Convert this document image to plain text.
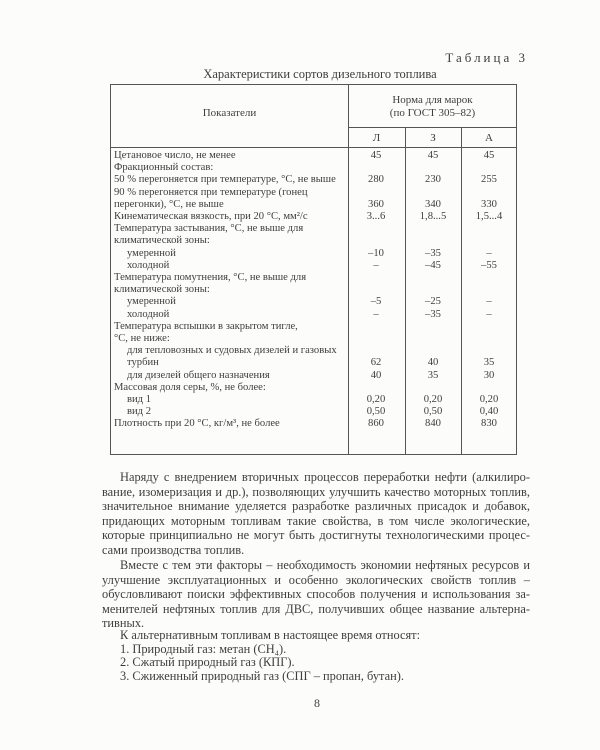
Таблица 3
Характеристики сортов дизельного топлива
Показатели
Норма для марок
(по ГОСТ 305–82)
Л	З	А
Цетановое число, не менее	45	45	45
Фракционный состав:
50 % перегоняется при температуре, °С, не выше	280	230	255
90 % перегоняется при температуре (гонец
перегонки), °С, не выше	360	340	330
Кинематическая вязкость, при 20 °С, мм²/с	3...6	1,8...5	1,5...4
Температура застывания, °С, не выше для
климатической зоны:
умеренной	–10	–35	–
холодной	–	–45	–55
Температура помутнения, °С, не выше для
климатической зоны:
умеренной	–5	–25	–
холодной	–	–35	–
Температура вспышки в закрытом тигле,
°С, не ниже:
для тепловозных и судовых дизелей и газовых
турбин	62	40	35
для дизелей общего назначения	40	35	30
Массовая доля серы, %, не более:
вид 1	0,20	0,20	0,20
вид 2	0,50	0,50	0,40
Плотность при 20 °С, кг/м³, не более	860	840	830
Наряду с внедрением вторичных процессов переработки нефти (алкилиро-
вание, изомеризация и др.), позволяющих улучшить качество моторных топлив,
значительное внимание уделяется разработке различных присадок и добавок,
придающих моторным топливам такие свойства, в том числе экологические,
которые принципиально не могут быть достигнуты технологическими процес-
сами производства топлив.
Вместе с тем эти факторы – необходимость экономии нефтяных ресурсов и
улучшение эксплуатационных и особенно экологических свойств топлив –
обусловливают поиски эффективных способов получения и использования за-
менителей нефтяных топлив для ДВС, получивших общее название альтерна-
тивных.
К альтернативным топливам в настоящее время относят:
1. Природный газ: метан (CH₄).
2. Сжатый природный газ (КПГ).
3. Сжиженный природный газ (СПГ – пропан, бутан).
8
